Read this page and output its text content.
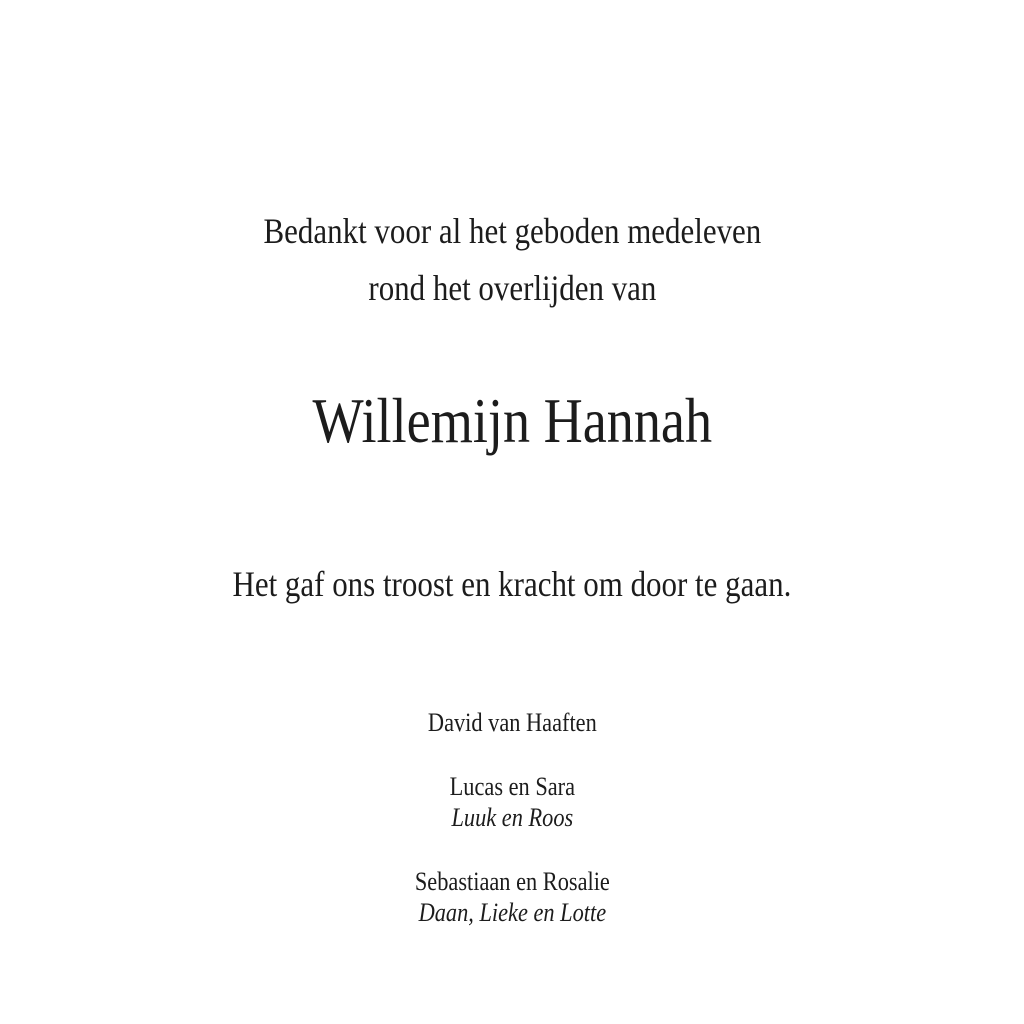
Bedankt voor al het geboden medeleven

rond het overlijden van

Willemijn Hannah

Het gaf ons troost en kracht om door te gaan.

David van Haaften

Lucas en Sara

Luuk en Roos

Sebastiaan en Rosalie

Daan, Lieke en Lotte
